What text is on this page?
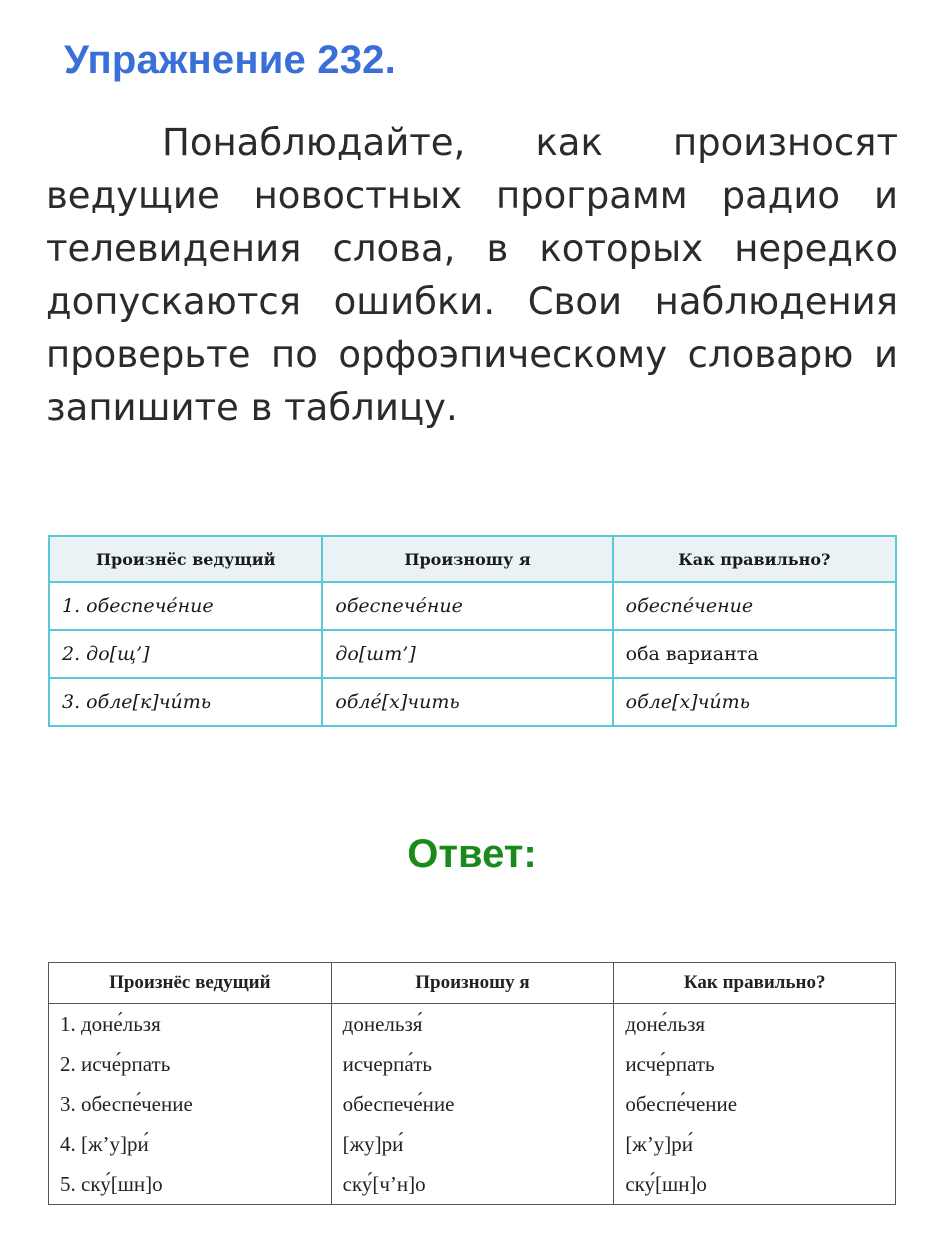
Упражнение 232.
Понаблюдайте, как произносят ведущие новостных программ радио и телевидения слова, в которых нередко допускаются ошибки. Свои наблюдения проверьте по орфоэпическому словарю и запишите в таблицу.
Произнёс ведущий	Произношу я	Как правильно?
1. обеспече́ние	обеспече́ние	обеспе́чение
2. до[щ’]	до[шт’]	оба варианта
3. обле[к]чи́ть	обле́[х]чить	обле[х]чи́ть
Ответ:
Произнёс ведущий	Произношу я	Как правильно?
1. доне́льзя	донельзя́	доне́льзя
2. исче́рпать	исчерпа́ть	исче́рпать
3. обеспе́чение	обеспече́ние	обеспе́чение
4. [ж’у]ри́	[жу]ри́	[ж’у]ри́
5. ску́[шн]о	ску́[ч’н]о	ску́[шн]о
